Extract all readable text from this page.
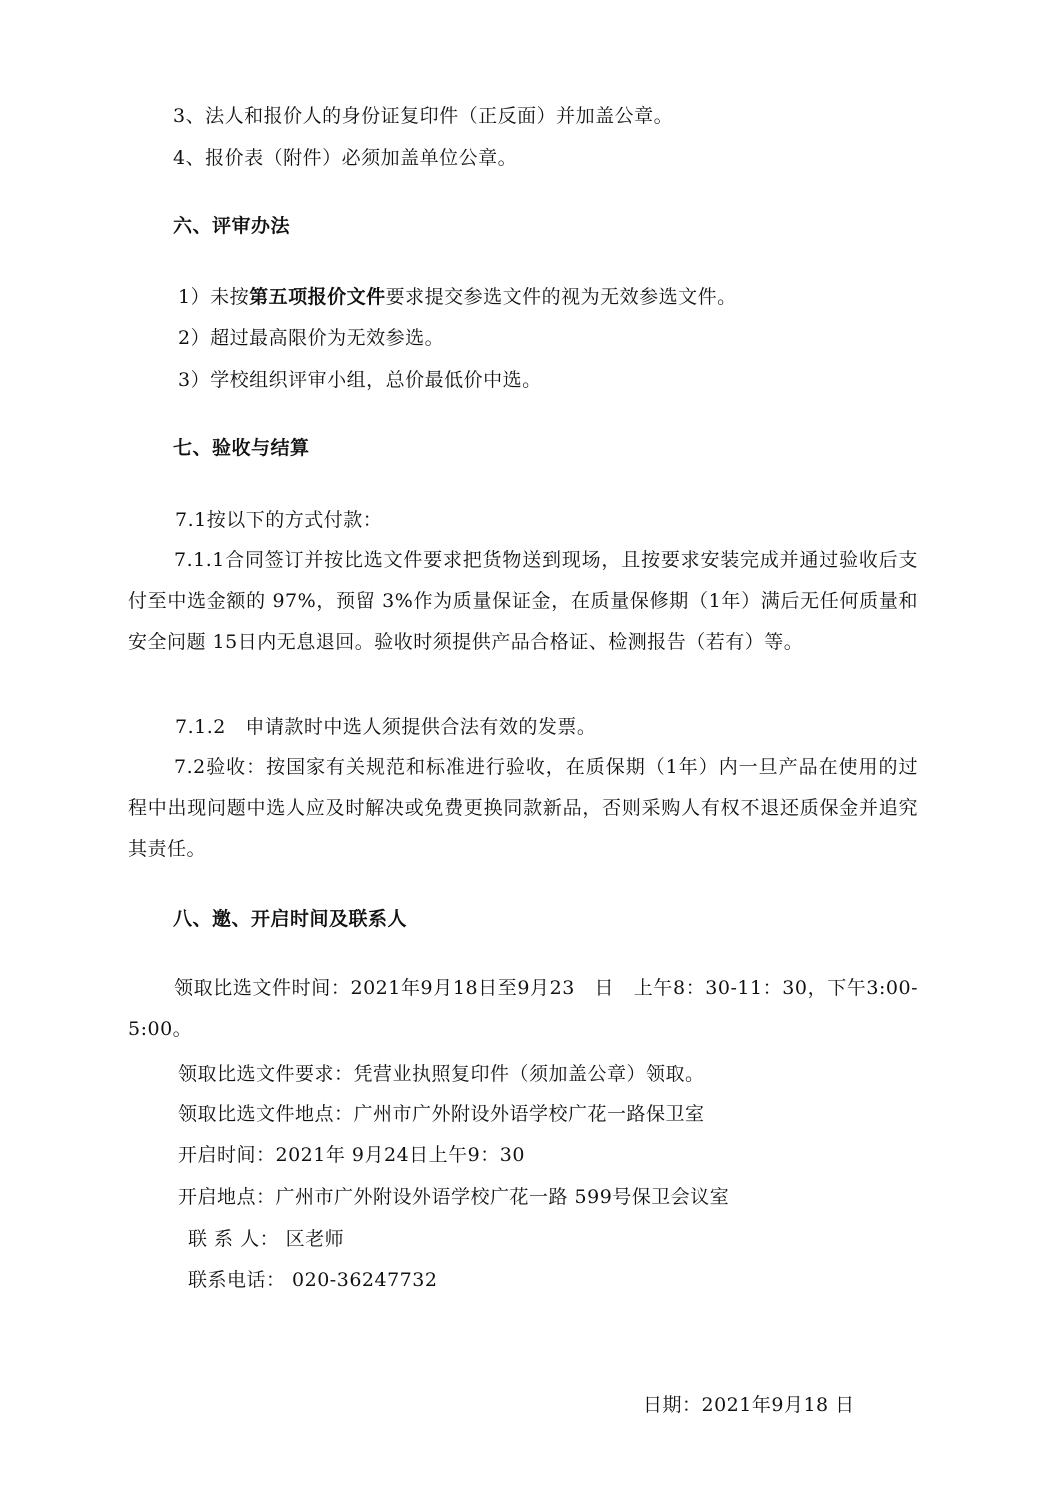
3、法人和报价人的身份证复印件（正反面）并加盖公章。
4、报价表（附件）必须加盖单位公章。
六、评审办法
1）未按第五项报价文件要求提交参选文件的视为无效参选文件。
2）超过最高限价为无效参选。
3）学校组织评审小组，总价最低价中选。
七、验收与结算
7.1按以下的方式付款：

7.1.1合同签订并按比选文件要求把货物送到现场，且按要求安装完成并通过验收后支付至中选金额的 97%，预留 3%作为质量保证金，在质量保修期（1年）满后无任何质量和安全问题 15日内无息退回。验收时须提供产品合格证、检测报告（若有）等。

7.1.2　申请款时中选人须提供合法有效的发票。

7.2验收：按国家有关规范和标准进行验收，在质保期（1年）内一旦产品在使用的过程中出现问题中选人应及时解决或免费更换同款新品，否则采购人有权不退还质保金并追究其责任。

八、邀、开启时间及联系人

领取比选文件时间：2021年9月18日至9月23　日　上午8：30-11：30，下午3:00-5:00。

领取比选文件要求：凭营业执照复印件（须加盖公章）领取。
领取比选文件地点：广州市广外附设外语学校广花一路保卫室
开启时间：2021年 9月24日上午9：30
开启地点：广州市广外附设外语学校广花一路 599号保卫会议室
联 系 人： 区老师
联系电话： 020-36247732
日期：2021年9月18 日
